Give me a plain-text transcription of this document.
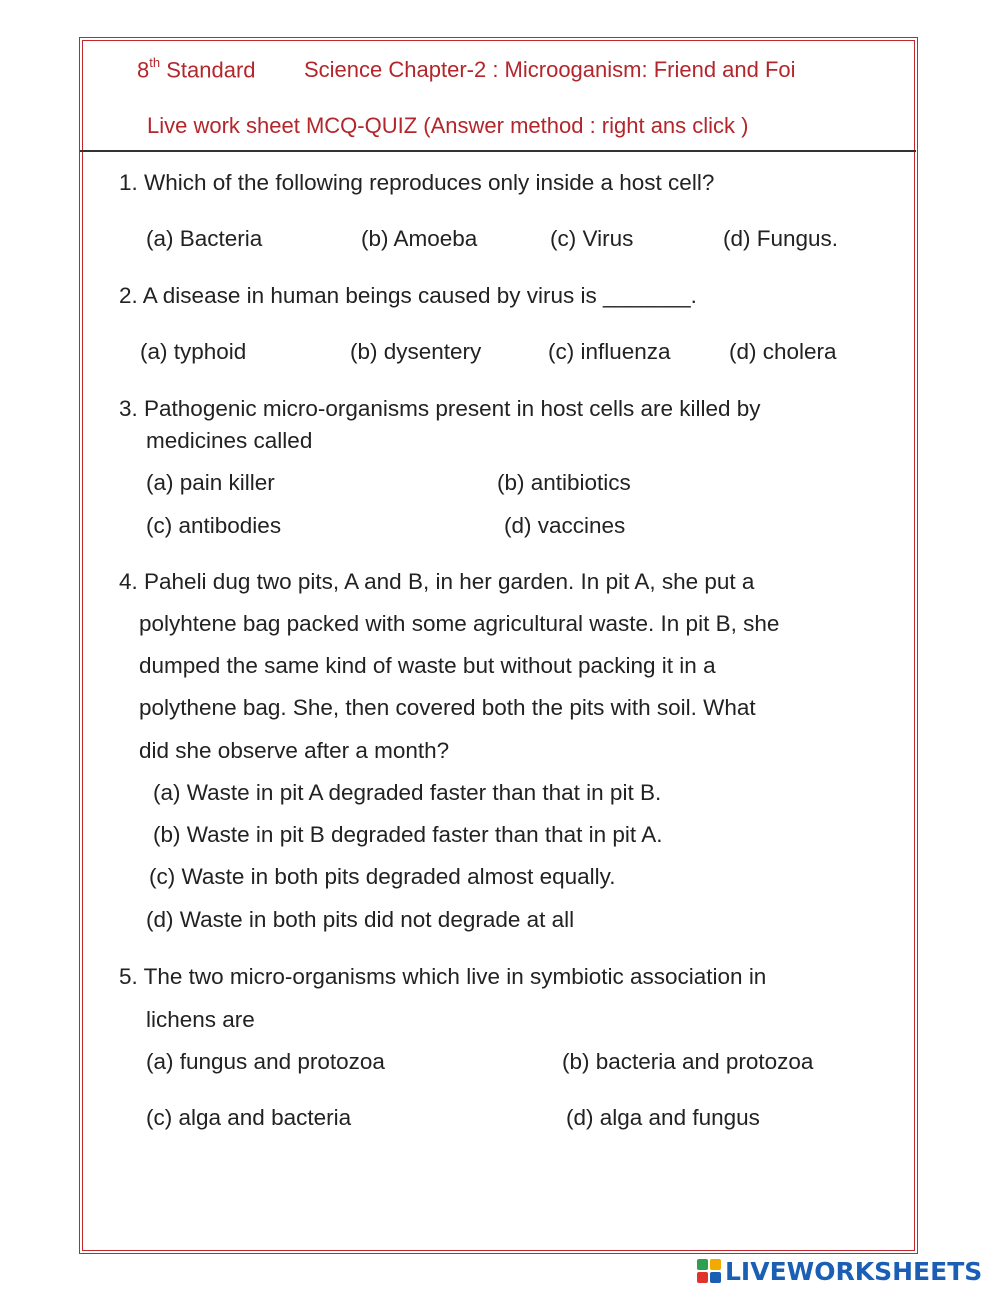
8th Standard Science Chapter-2 : Microoganism: Friend and Foi
Live work sheet MCQ-QUIZ (Answer method : right ans click )
1. Which of the following reproduces only inside a host cell?
(a) Bacteria	(b) Amoeba	(c) Virus	(d) Fungus.
2. A disease in human beings caused by virus is _______.
(a) typhoid	(b) dysentery	(c) influenza	(d) cholera
3. Pathogenic micro-organisms present in host cells are killed by
medicines called
(a) pain killer	(b) antibiotics
(c) antibodies	(d) vaccines
4. Paheli dug two pits, A and B, in her garden. In pit A, she put a
polyhtene bag packed with some agricultural waste. In pit B, she
dumped the same kind of waste but without packing it in a
polythene bag. She, then covered both the pits with soil. What
did she observe after a month?
(a) Waste in pit A degraded faster than that in pit B.
(b) Waste in pit B degraded faster than that in pit A.
(c) Waste in both pits degraded almost equally.
(d) Waste in both pits did not degrade at all
5. The two micro-organisms which live in symbiotic association in
lichens are
(a) fungus and protozoa	(b) bacteria and protozoa
(c) alga and bacteria	(d) alga and fungus
LIVEWORKSHEETS
